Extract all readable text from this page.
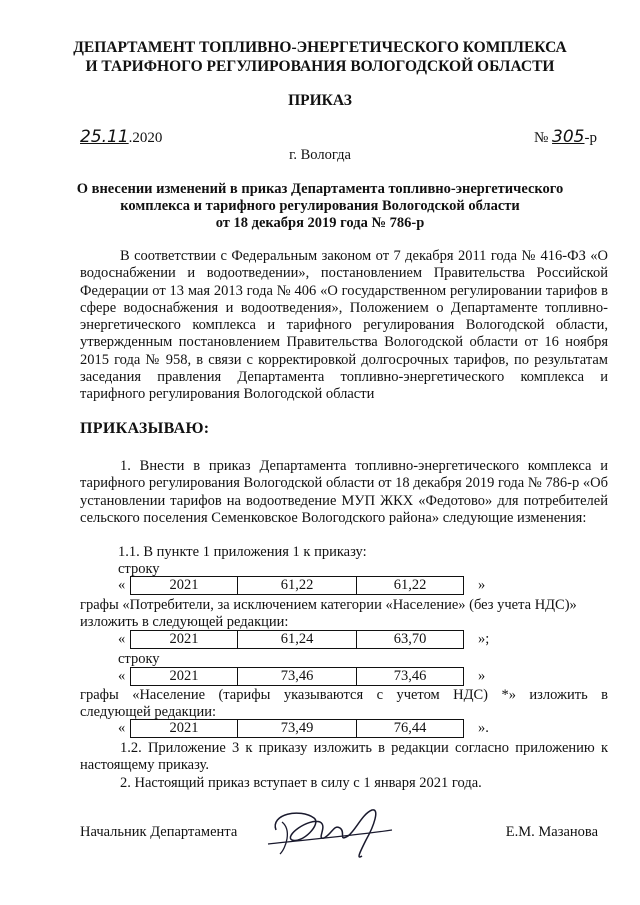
ДЕПАРТАМЕНТ ТОПЛИВНО-ЭНЕРГЕТИЧЕСКОГО КОМПЛЕКСА
И ТАРИФНОГО РЕГУЛИРОВАНИЯ ВОЛОГОДСКОЙ ОБЛАСТИ
ПРИКАЗ
25.11.2020	№ 305-р
г. Вологда
О внесении изменений в приказ Департамента топливно-энергетического
комплекса и тарифного регулирования Вологодской области
от 18 декабря 2019 года № 786-р
В соответствии с Федеральным законом от 7 декабря 2011 года № 416-ФЗ «О водоснабжении и водоотведении», постановлением Правительства Российской Федерации от 13 мая 2013 года № 406 «О государственном регулировании тарифов в сфере водоснабжения и водоотведения», Положением о Департаменте топливно-энергетического комплекса и тарифного регулирования Вологодской области, утвержденным постановлением Правительства Вологодской области от 16 ноября 2015 года № 958, в связи с корректировкой долгосрочных тарифов, по результатам заседания правления Департамента топливно-энергетического комплекса и тарифного регулирования Вологодской области
ПРИКАЗЫВАЮ:
1. Внести в приказ Департамента топливно-энергетического комплекса и тарифного регулирования Вологодской области от 18 декабря 2019 года № 786-р «Об установлении тарифов на водоотведение МУП ЖКХ «Федотово» для потребителей сельского поселения Семенковское Вологодского района» следующие изменения:
1.1. В пункте 1 приложения 1 к приказу:
строку
«	2021	61,22	61,22	»
графы «Потребители, за исключением категории «Население» (без учета НДС)»
изложить в следующей редакции:
«	2021	61,24	63,70	»;
строку
«	2021	73,46	73,46	»
графы «Население (тарифы указываются с учетом НДС) *» изложить в
следующей редакции:
«	2021	73,49	76,44	».
1.2. Приложение 3 к приказу изложить в редакции согласно приложению к настоящему приказу.
2. Настоящий приказ вступает в силу с 1 января 2021 года.
Начальник Департамента	Е.М. Мазанова
